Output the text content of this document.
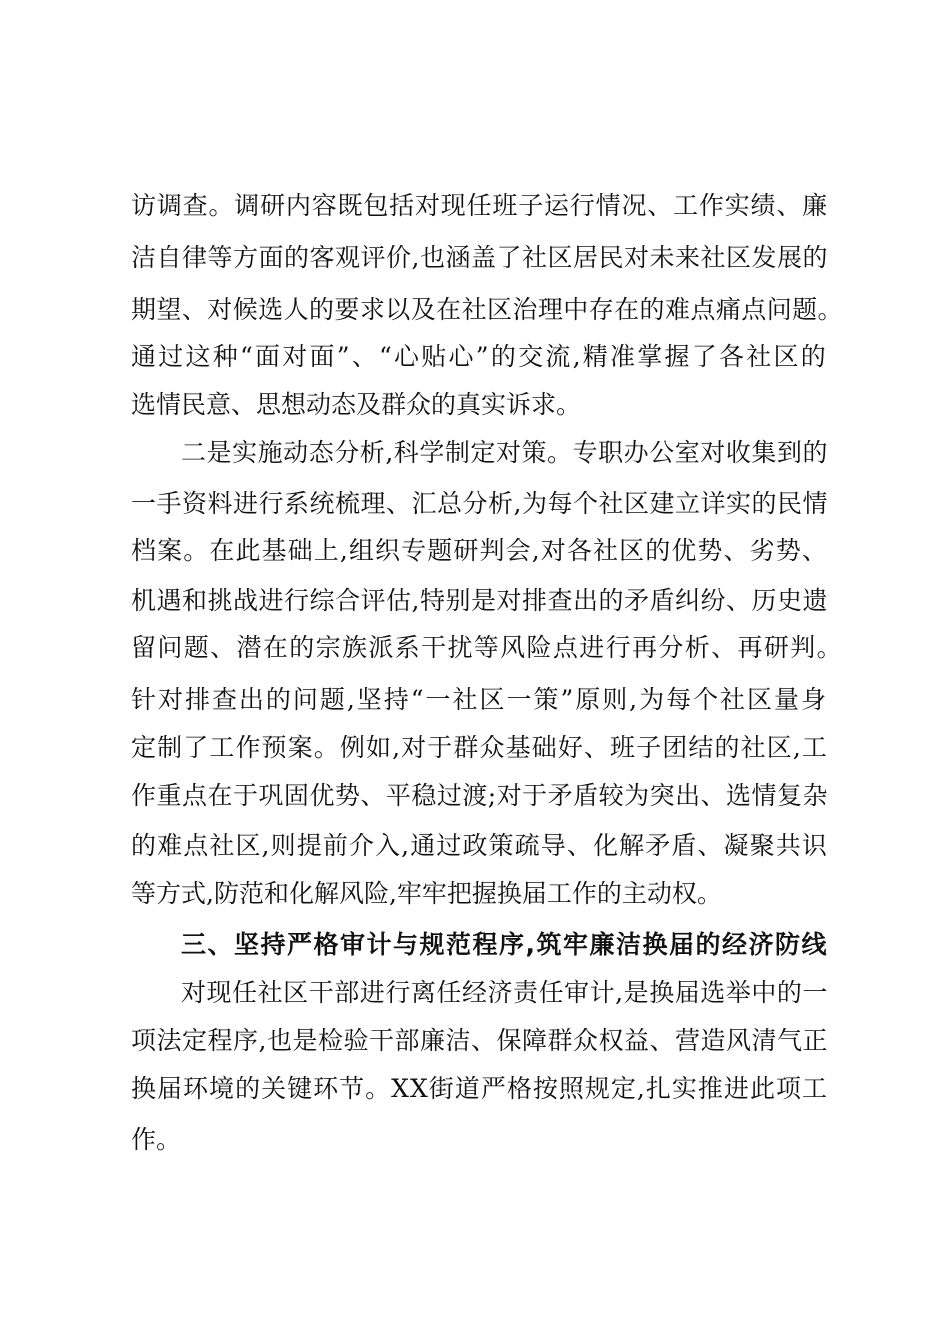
访调查。调研内容既包括对现任班子运行情况、工作实绩、廉
洁自律等方面的客观评价,也涵盖了社区居民对未来社区发展的
期望、对候选人的要求以及在社区治理中存在的难点痛点问题。
通过这种“面对面”、“心贴心”的交流,精准掌握了各社区的
选情民意、思想动态及群众的真实诉求。
二是实施动态分析,科学制定对策。专职办公室对收集到的
一手资料进行系统梳理、汇总分析,为每个社区建立详实的民情
档案。在此基础上,组织专题研判会,对各社区的优势、劣势、
机遇和挑战进行综合评估,特别是对排查出的矛盾纠纷、历史遗
留问题、潜在的宗族派系干扰等风险点进行再分析、再研判。
针对排查出的问题,坚持“一社区一策”原则,为每个社区量身
定制了工作预案。例如,对于群众基础好、班子团结的社区,工
作重点在于巩固优势、平稳过渡;对于矛盾较为突出、选情复杂
的难点社区,则提前介入,通过政策疏导、化解矛盾、凝聚共识
等方式,防范和化解风险,牢牢把握换届工作的主动权。
三、坚持严格审计与规范程序,筑牢廉洁换届的经济防线
对现任社区干部进行离任经济责任审计,是换届选举中的一
项法定程序,也是检验干部廉洁、保障群众权益、营造风清气正
换届环境的关键环节。XX街道严格按照规定,扎实推进此项工
作。
